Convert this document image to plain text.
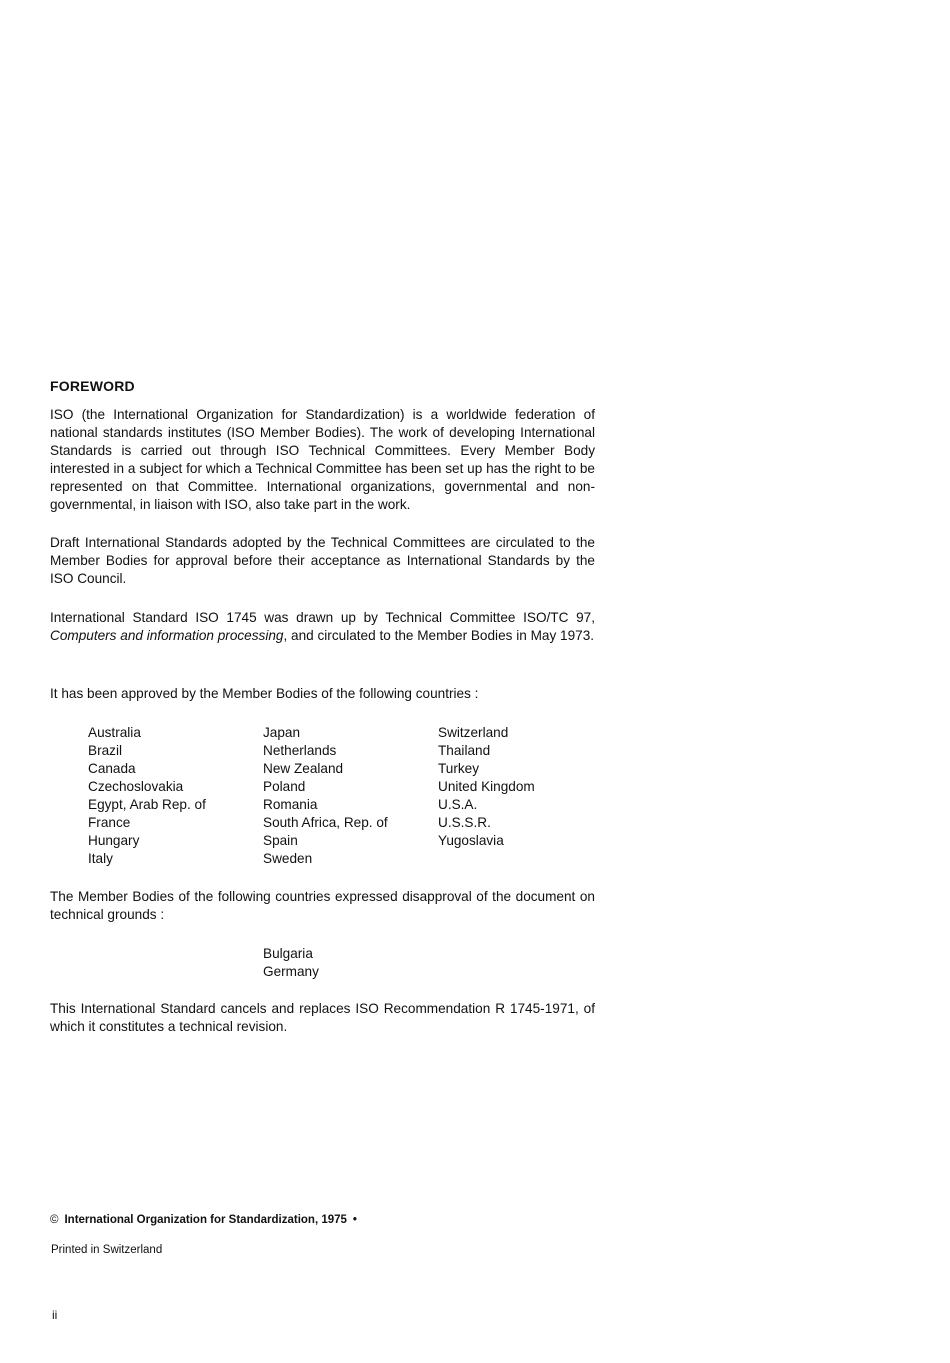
FOREWORD

ISO (the International Organization for Standardization) is a worldwide federation of national standards institutes (ISO Member Bodies). The work of developing International Standards is carried out through ISO Technical Committees. Every Member Body interested in a subject for which a Technical Committee has been set up has the right to be represented on that Committee. International organizations, governmental and non-governmental, in liaison with ISO, also take part in the work.

Draft International Standards adopted by the Technical Committees are circulated to the Member Bodies for approval before their acceptance as International Standards by the ISO Council.

International Standard ISO 1745 was drawn up by Technical Committee ISO/TC 97, Computers and information processing, and circulated to the Member Bodies in May 1973.

It has been approved by the Member Bodies of the following countries :

Australia
Brazil
Canada
Czechoslovakia
Egypt, Arab Rep. of
France
Hungary
Italy
Japan
Netherlands
New Zealand
Poland
Romania
South Africa, Rep. of
Spain
Sweden
Switzerland
Thailand
Turkey
United Kingdom
U.S.A.
U.S.S.R.
Yugoslavia

The Member Bodies of the following countries expressed disapproval of the document on technical grounds :

Bulgaria
Germany

This International Standard cancels and replaces ISO Recommendation R 1745-1971, of which it constitutes a technical revision.

© International Organization for Standardization, 1975 •
Printed in Switzerland
ii
